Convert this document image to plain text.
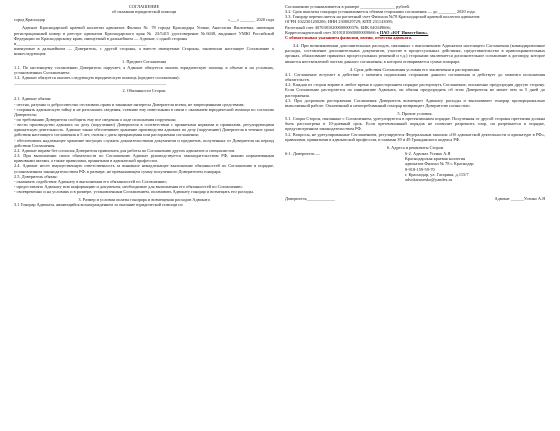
СОГЛАШЕНИЕ

об оказании юридической помощи

город Краснодар	«___» _______ 2020 года

Адвокат Краснодарской краевой коллегии адвокатов Филиал № 78 города Краснодара Усенко Анастасия Яковлевна, имеющая регистрационный номер в реестре адвокатов Краснодарского края № 23/5415 удостоверение №6048, выданное УМЮ Российской Федерации по Краснодарскому краю, именуемый в дальнейшем — Адвокат, с одной стороны

и____________________________________________________________

именуемые в дальнейшем — Доверитель, с другой стороны, а вместе именуемые Стороны, заключили настоящее Соглашение о нижеследующем:

1. Предмет Соглашения

1.1. По настоящему соглашению Доверитель поручает, а Адвокат обязуется оказать юридическую помощь в объеме и на условиях, установленных Соглашением:

1.2. Адвокат обязуется оказать следующую юридическую помощь (предмет соглашения):

______________________________________________________________________

2. Обязанности Сторон

2.1. Адвокат обязан:

- честно, разумно и добросовестно отстаивать права и законные интересы Доверителя всеми, не запрещенными средствами;

- сохранять адвокатскую тайну и не разглашать сведения, ставшие ему известными в связи с оказанием юридической помощи по согласию Доверителя;

- по требованию Доверителя сообщить ему все сведения о ходе исполнения поручения;

- вести производство адвоката по делу (поручению) Доверителя в соответствии с принятыми нормами и правилами, регулирующими адвокатскую деятельность. Адвокат также обеспечивает хранение производства адвоката по делу (поручению) Доверителя в течение срока действия настоящего соглашения и 5 лет, считая с даты прекращения или расторжения соглашения;

- обеспечивать надлежащее хранение могущих служить доказательствами документов и предметов, полученных от Доверителя на период действия Соглашения.

2.2. Адвокат вправе без согласия Доверителя привлекать для работы по Соглашению других адвокатов и специалистов.

2.3. При выполнении своих обязательств по Соглашению Адвокат руководствуется законодательством РФ, иными нормативными правовыми актами, а также правилами, принятыми в адвокатской профессии.

2.4. Адвокат несет имущественную ответственность за виновное ненадлежащее выполнение обязанностей по Соглашению в порядке, установленном законодательством РФ, в размере, не превышающем сумму полученного Доверителем гонорара.

2.5. Доверитель обязан:

- оказывать содействие Адвокату в выполнении его обязанностей по Соглашению;

- предоставлять Адвокату всю информацию и документы, необходимые для выполнения его обязанностей по Соглашению;

- своевременно и на условиях и в размере, установленным Соглашением, оплачивать Адвокату гонорар и возмещать его расходы.

3. Размер и условия оплаты гонорара и возмещения расходов Адвоката

3.1 Гонорар Адвоката, являющийся вознаграждением за оказание юридической помощи по

Соглашению устанавливается в размере ________________ рублей.

3.2. Срок выплаты гонорара устанавливается обеими сторонами соглашения — до ________ 2020 года.

3.3. Гонорар перечисляется на расчетный счет Филиала №78 Краснодарской краевой коллегии адвокатов:

ОГРН 1022301200206; ИНН 2308029729; КПП 231143005;

Расчетный счет 40703810200000000376; БИК 040349666;

Корреспондентский счет 30101810600000000666 в ПАО «ЮГ Инвестбанк».

С обязательным указанием фамилии, имени, отчества адвоката.

3.4. При возникновении дополнительных расходов, связанных с выполнением Адвокатом настоящего Соглашения (командировочные расходы, составление дополнительных документов, участие в процессуальных действиях, представительство в правоохранительных органах, обжалование принятых процессуальных решений и т.д.) сторонами заключается дополнительное соглашение к договору, которое является неотъемлемой частью данного соглашения, в котором оговаривается сумма гонорара.

4. Срок действия Соглашения условия его заключения и расторжения.

4.1. Соглашение вступает в действие с момента подписания сторонами данного соглашения и действует до момента исполнения обязательств.

4.2. Каждая из сторон вправе в любое время в одностороннем порядке расторгнуть Соглашение, письменно предупредив другую сторону. Если Соглашение расторгается по инициативе Адвоката, он обязан предупредить об этом Доверителя не менее чем за 5 дней до расторжения.

4.3. При досрочном расторжении Соглашения Доверитель возмещает Адвокату расходы и выплачивает гонорар пропорционально выполненной работе. Оплаченный и непотребованный гонорар возвращает Доверителю полностью.

5. Прочие условия.

5.1. Споры Сторон, связанные с Соглашением, урегулируются в претензионном порядке. Полученная от другой стороны претензия должна быть рассмотрена в 10-дневный срок. Если претензионный порядок не позволит разрешить спор, он разрешается в порядке, предусмотренном законодательством РФ.

5.2. Вопросы, не урегулированные Соглашением, регулируются Федеральным законом «Об адвокатской деятельности и адвокатуре в РФ», правилами, принятыми в адвокатской профессии, и главами 39 и 49 Гражданского кодекса РФ.

6. Адреса и реквизиты Сторон

6-1. Доверитель —	6-2. Адвокат Усенко А.Я

Краснодарская краевая коллегия

адвокатов Филиал № 78 г. Краснодар

8-918-159-59-70

г. Краснодар, ул. Гагарина, д.115/7

advokatusenko@yandex.ru

Доверитель_____________	Адвокат ______Усенко А.Я
